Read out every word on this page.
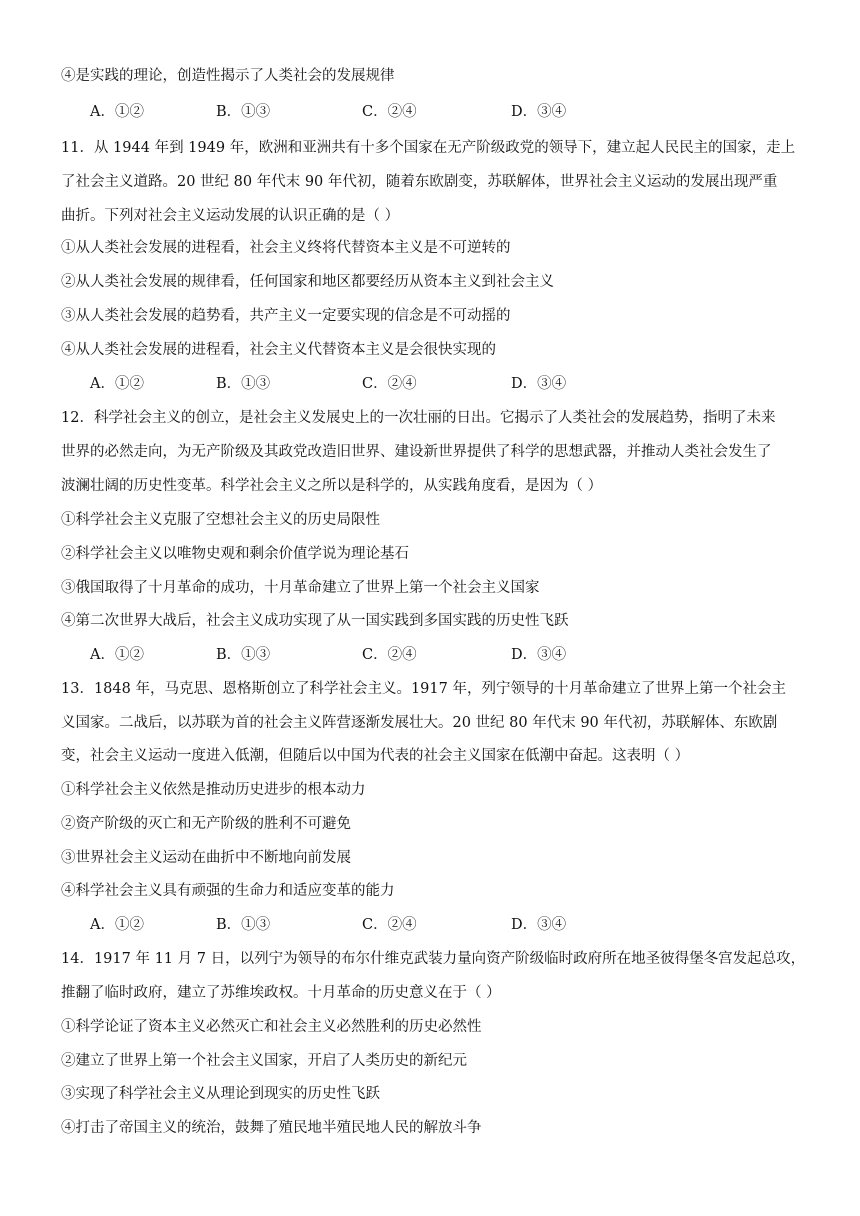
④是实践的理论，创造性揭示了人类社会的发展规律
A．①②	B．①③	C．②④	D．③④
11．从 1944 年到 1949 年，欧洲和亚洲共有十多个国家在无产阶级政党的领导下，建立起人民民主的国家，走上
了社会主义道路。20 世纪 80 年代末 90 年代初，随着东欧剧变，苏联解体，世界社会主义运动的发展出现严重
曲折。下列对社会主义运动发展的认识正确的是（ ）
①从人类社会发展的进程看，社会主义终将代替资本主义是不可逆转的
②从人类社会发展的规律看，任何国家和地区都要经历从资本主义到社会主义
③从人类社会发展的趋势看，共产主义一定要实现的信念是不可动摇的
④从人类社会发展的进程看，社会主义代替资本主义是会很快实现的
A．①②	B．①③	C．②④	D．③④
12．科学社会主义的创立，是社会主义发展史上的一次壮丽的日出。它揭示了人类社会的发展趋势，指明了未来
世界的必然走向，为无产阶级及其政党改造旧世界、建设新世界提供了科学的思想武器，并推动人类社会发生了
波澜壮阔的历史性变革。科学社会主义之所以是科学的，从实践角度看，是因为（ ）
①科学社会主义克服了空想社会主义的历史局限性
②科学社会主义以唯物史观和剩余价值学说为理论基石
③俄国取得了十月革命的成功，十月革命建立了世界上第一个社会主义国家
④第二次世界大战后，社会主义成功实现了从一国实践到多国实践的历史性飞跃
A．①②	B．①③	C．②④	D．③④
13．1848 年，马克思、恩格斯创立了科学社会主义。1917 年，列宁领导的十月革命建立了世界上第一个社会主
义国家。二战后，以苏联为首的社会主义阵营逐渐发展壮大。20 世纪 80 年代末 90 年代初，苏联解体、东欧剧
变，社会主义运动一度进入低潮，但随后以中国为代表的社会主义国家在低潮中奋起。这表明（ ）
①科学社会主义依然是推动历史进步的根本动力
②资产阶级的灭亡和无产阶级的胜利不可避免
③世界社会主义运动在曲折中不断地向前发展
④科学社会主义具有顽强的生命力和适应变革的能力
A．①②	B．①③	C．②④	D．③④
14．1917 年 11 月 7 日，以列宁为领导的布尔什维克武装力量向资产阶级临时政府所在地圣彼得堡冬宫发起总攻，
推翻了临时政府，建立了苏维埃政权。十月革命的历史意义在于（ ）
①科学论证了资本主义必然灭亡和社会主义必然胜利的历史必然性
②建立了世界上第一个社会主义国家，开启了人类历史的新纪元
③实现了科学社会主义从理论到现实的历史性飞跃
④打击了帝国主义的统治，鼓舞了殖民地半殖民地人民的解放斗争
